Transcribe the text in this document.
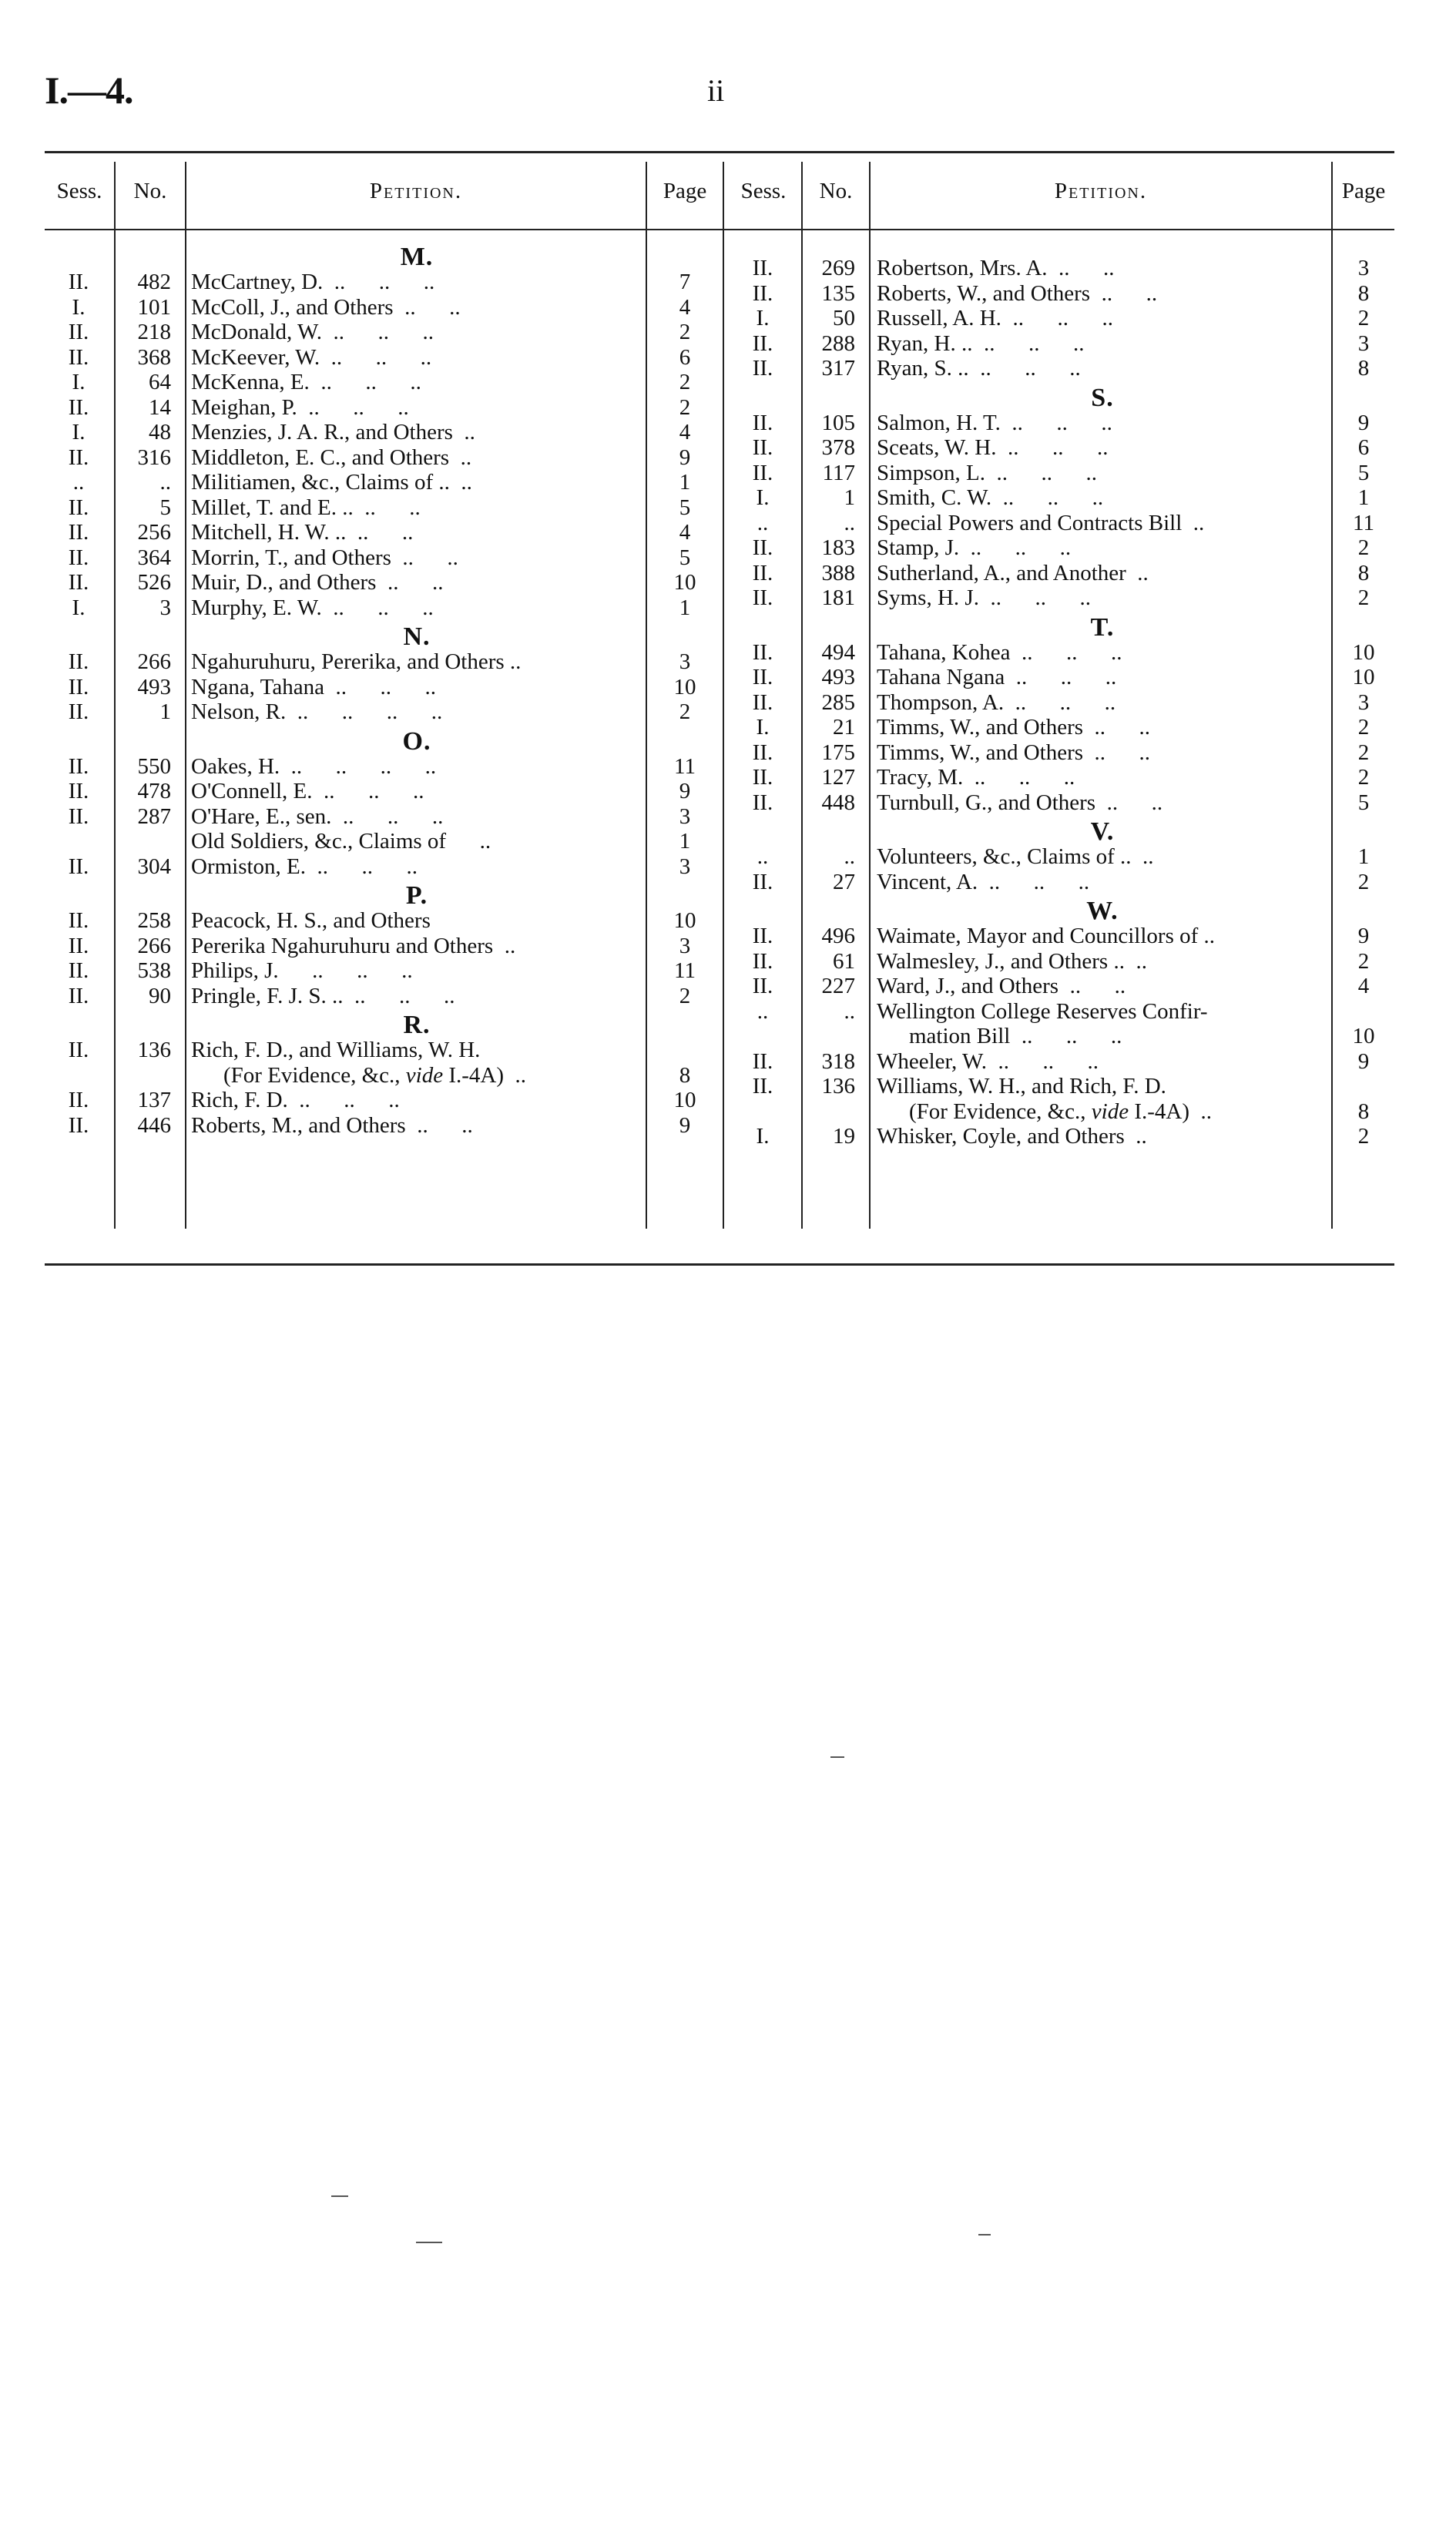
I.—4.	ii
Sess.	No.	Petition.	Page	Sess.	No.	Petition.	Page
M.
II.	482 McCartney, D.  ..      ..      ..	7
I.	101 McColl, J., and Others  ..      ..	4
II.	218 McDonald, W.  ..      ..      ..	2
II.	368 McKeever, W.  ..      ..      ..	6
I.	64 McKenna, E.  ..      ..      ..	2
II.	14 Meighan, P.  ..      ..      ..	2
I.	48 Menzies, J. A. R., and Others  ..	4
II.	316 Middleton, E. C., and Others  ..	9
..	.. Militiamen, &c., Claims of ..  ..	1
II.	5 Millet, T. and E. ..  ..      ..	5
II.	256 Mitchell, H. W. ..  ..      ..	4
II.	364 Morrin, T., and Others  ..      ..	5
II.	526 Muir, D., and Others  ..      ..	10
I.	3 Murphy, E. W.  ..      ..      ..	1
N.
II.	266 Ngahuruhuru, Pererika, and Others ..	3
II.	493 Ngana, Tahana  ..      ..      ..	10
II.	1 Nelson, R.  ..      ..      ..      ..	2
O.
II.	550 Oakes, H.  ..      ..      ..      ..	11
II.	478 O'Connell, E.  ..      ..      ..	9
II.	287 O'Hare, E., sen.  ..      ..      ..	3
Old Soldiers, &c., Claims of      ..	1
II.	304 Ormiston, E.  ..      ..      ..	3
P.
II.	258 Peacock, H. S., and Others	10
II.	266 Pererika Ngahuruhuru and Others  ..	3
II.	538 Philips, J.      ..      ..      ..	11
II.	90 Pringle, F. J. S. ..  ..      ..      ..	2
R.
II.	136 Rich, F. D., and Williams, W. H.
(For Evidence, &c., vide I.-4A)  ..	8
II.	137 Rich, F. D.  ..      ..      ..	10
II.	446 Roberts, M., and Others  ..      ..	9
II.	269 Robertson, Mrs. A.  ..      ..	3
II.	135 Roberts, W., and Others  ..      ..	8
I.	50 Russell, A. H.  ..      ..      ..	2
II.	288 Ryan, H. ..  ..      ..      ..	3
II.	317 Ryan, S. ..  ..      ..      ..	8
S.
II.	105 Salmon, H. T.  ..      ..      ..	9
II.	378 Sceats, W. H.  ..      ..      ..	6
II.	117 Simpson, L.  ..      ..      ..	5
I.	1 Smith, C. W.  ..      ..      ..	1
..	.. Special Powers and Contracts Bill  ..	11
II.	183 Stamp, J.  ..      ..      ..	2
II.	388 Sutherland, A., and Another  ..	8
II.	181 Syms, H. J.  ..      ..      ..	2
T.
II.	494 Tahana, Kohea  ..      ..      ..	10
II.	493 Tahana Ngana  ..      ..      ..	10
II.	285 Thompson, A.  ..      ..      ..	3
I.	21 Timms, W., and Others  ..      ..	2
II.	175 Timms, W., and Others  ..      ..	2
II.	127 Tracy, M.  ..      ..      ..	2
II.	448 Turnbull, G., and Others  ..      ..	5
V.
..	.. Volunteers, &c., Claims of ..  ..	1
II.	27 Vincent, A.  ..      ..      ..	2
W.
II.	496 Waimate, Mayor and Councillors of ..	9
II.	61 Walmesley, J., and Others ..  ..	2
II.	227 Ward, J., and Others  ..      ..	4
..	.. Wellington College Reserves Confir-
mation Bill  ..      ..      ..	10
II.	318 Wheeler, W.  ..      ..      ..	9
II.	136 Williams, W. H., and Rich, F. D.
(For Evidence, &c., vide I.-4A)  ..	8
I.	19 Whisker, Coyle, and Others  ..	2
